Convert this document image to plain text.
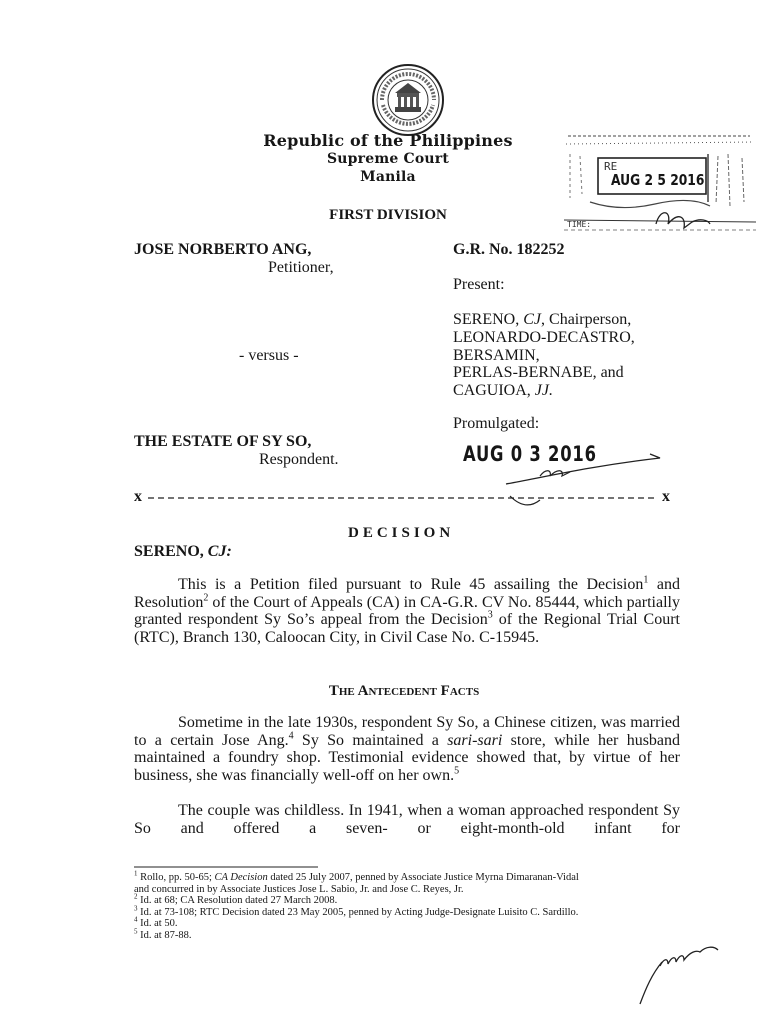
Republic of the Philippines
Supreme Court
Manila
FIRST DIVISION
RE
AUG 2 5 2016
TIME:
JOSE NORBERTO ANG,
Petitioner,
- versus -
THE ESTATE OF SY SO,
Respondent.
G.R. No. 182252
Present:
SERENO, CJ, Chairperson,
LEONARDO-DECASTRO,
BERSAMIN,
PERLAS-BERNABE, and
CAGUIOA, JJ.
Promulgated:
AUG 0 3 2016
x	x
DECISION
SERENO, CJ:

This is a Petition filed pursuant to Rule 45 assailing the Decision$^1$ and Resolution$^2$ of the Court of Appeals (CA) in CA-G.R. CV No. 85444, which partially granted respondent Sy So’s appeal from the Decision$^3$ of the Regional Trial Court (RTC), Branch 130, Caloocan City, in Civil Case No. C-15945.

The Antecedent Facts

Sometime in the late 1930s, respondent Sy So, a Chinese citizen, was married to a certain Jose Ang.$^4$ Sy So maintained a sari-sari store, while her husband maintained a foundry shop. Testimonial evidence showed that, by virtue of her business, she was financially well-off on her own.$^5$

The couple was childless. In 1941, when a woman approached respondent Sy So and offered a seven- or eight-month-old infant for

$^1$ Rollo, pp. 50-65; CA Decision dated 25 July 2007, penned by Associate Justice Myrna Dimaranan-Vidal
and concurred in by Associate Justices Jose L. Sabio, Jr. and Jose C. Reyes, Jr.
$^2$ Id. at 68; CA Resolution dated 27 March 2008.
$^3$ Id. at 73-108; RTC Decision dated 23 May 2005, penned by Acting Judge-Designate Luisito C. Sardillo.
$^4$ Id. at 50.
$^5$ Id. at 87-88.
